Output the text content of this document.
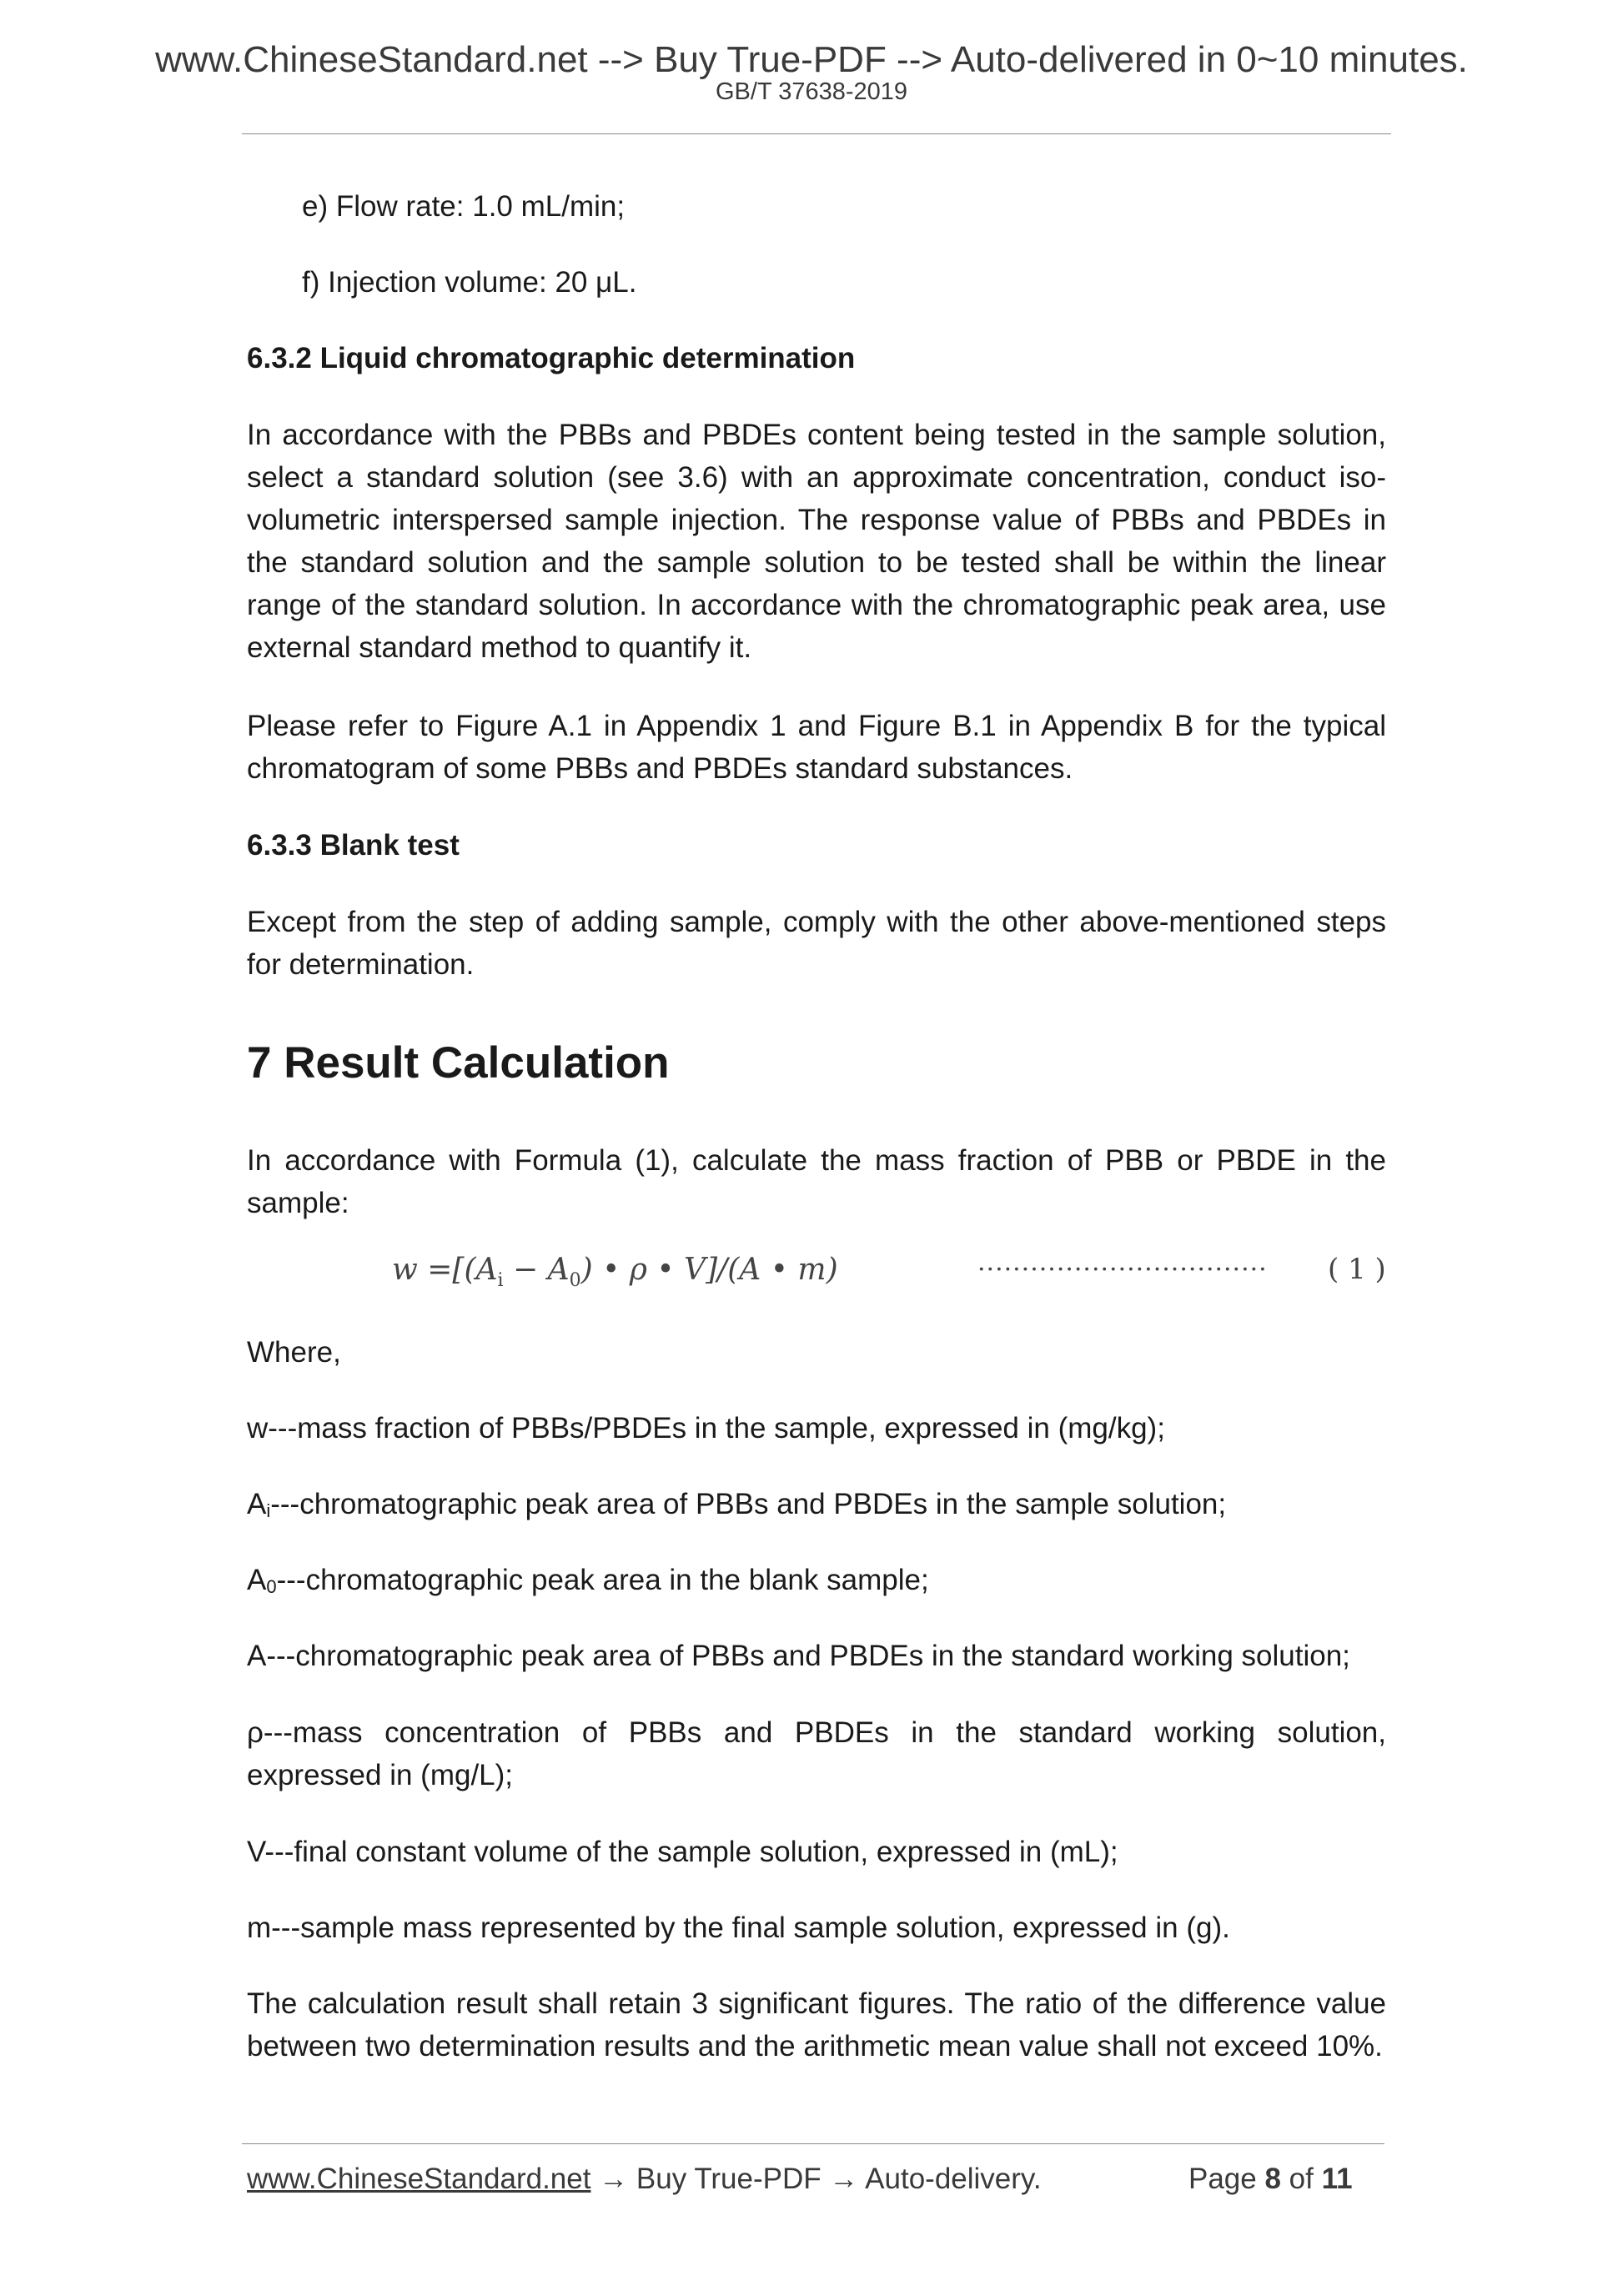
www.ChineseStandard.net --> Buy True-PDF --> Auto-delivered in 0~10 minutes.
GB/T 37638-2019
e) Flow rate: 1.0 mL/min;
f) Injection volume: 20 μL.
6.3.2 Liquid chromatographic determination
In accordance with the PBBs and PBDEs content being tested in the sample solution, select a standard solution (see 3.6) with an approximate concentration, conduct iso-volumetric interspersed sample injection. The response value of PBBs and PBDEs in the standard solution and the sample solution to be tested shall be within the linear range of the standard solution. In accordance with the chromatographic peak area, use external standard method to quantify it.
Please refer to Figure A.1 in Appendix 1 and Figure B.1 in Appendix B for the typical chromatogram of some PBBs and PBDEs standard substances.
6.3.3 Blank test
Except from the step of adding sample, comply with the other above-mentioned steps for determination.
7 Result Calculation
In accordance with Formula (1), calculate the mass fraction of PBB or PBDE in the sample:
$w =[(A_i - A_0)$ • ρ • V]/(A • m)	································· ( 1 )
Where,
w---mass fraction of PBBs/PBDEs in the sample, expressed in (mg/kg);
Ai---chromatographic peak area of PBBs and PBDEs in the sample solution;
A0---chromatographic peak area in the blank sample;
A---chromatographic peak area of PBBs and PBDEs in the standard working solution;
ρ---mass concentration of PBBs and PBDEs in the standard working solution, expressed in (mg/L);
V---final constant volume of the sample solution, expressed in (mL);
m---sample mass represented by the final sample solution, expressed in (g).
The calculation result shall retain 3 significant figures. The ratio of the difference value between two determination results and the arithmetic mean value shall not exceed 10%.
www.ChineseStandard.net → Buy True-PDF → Auto-delivery.	Page 8 of 11
